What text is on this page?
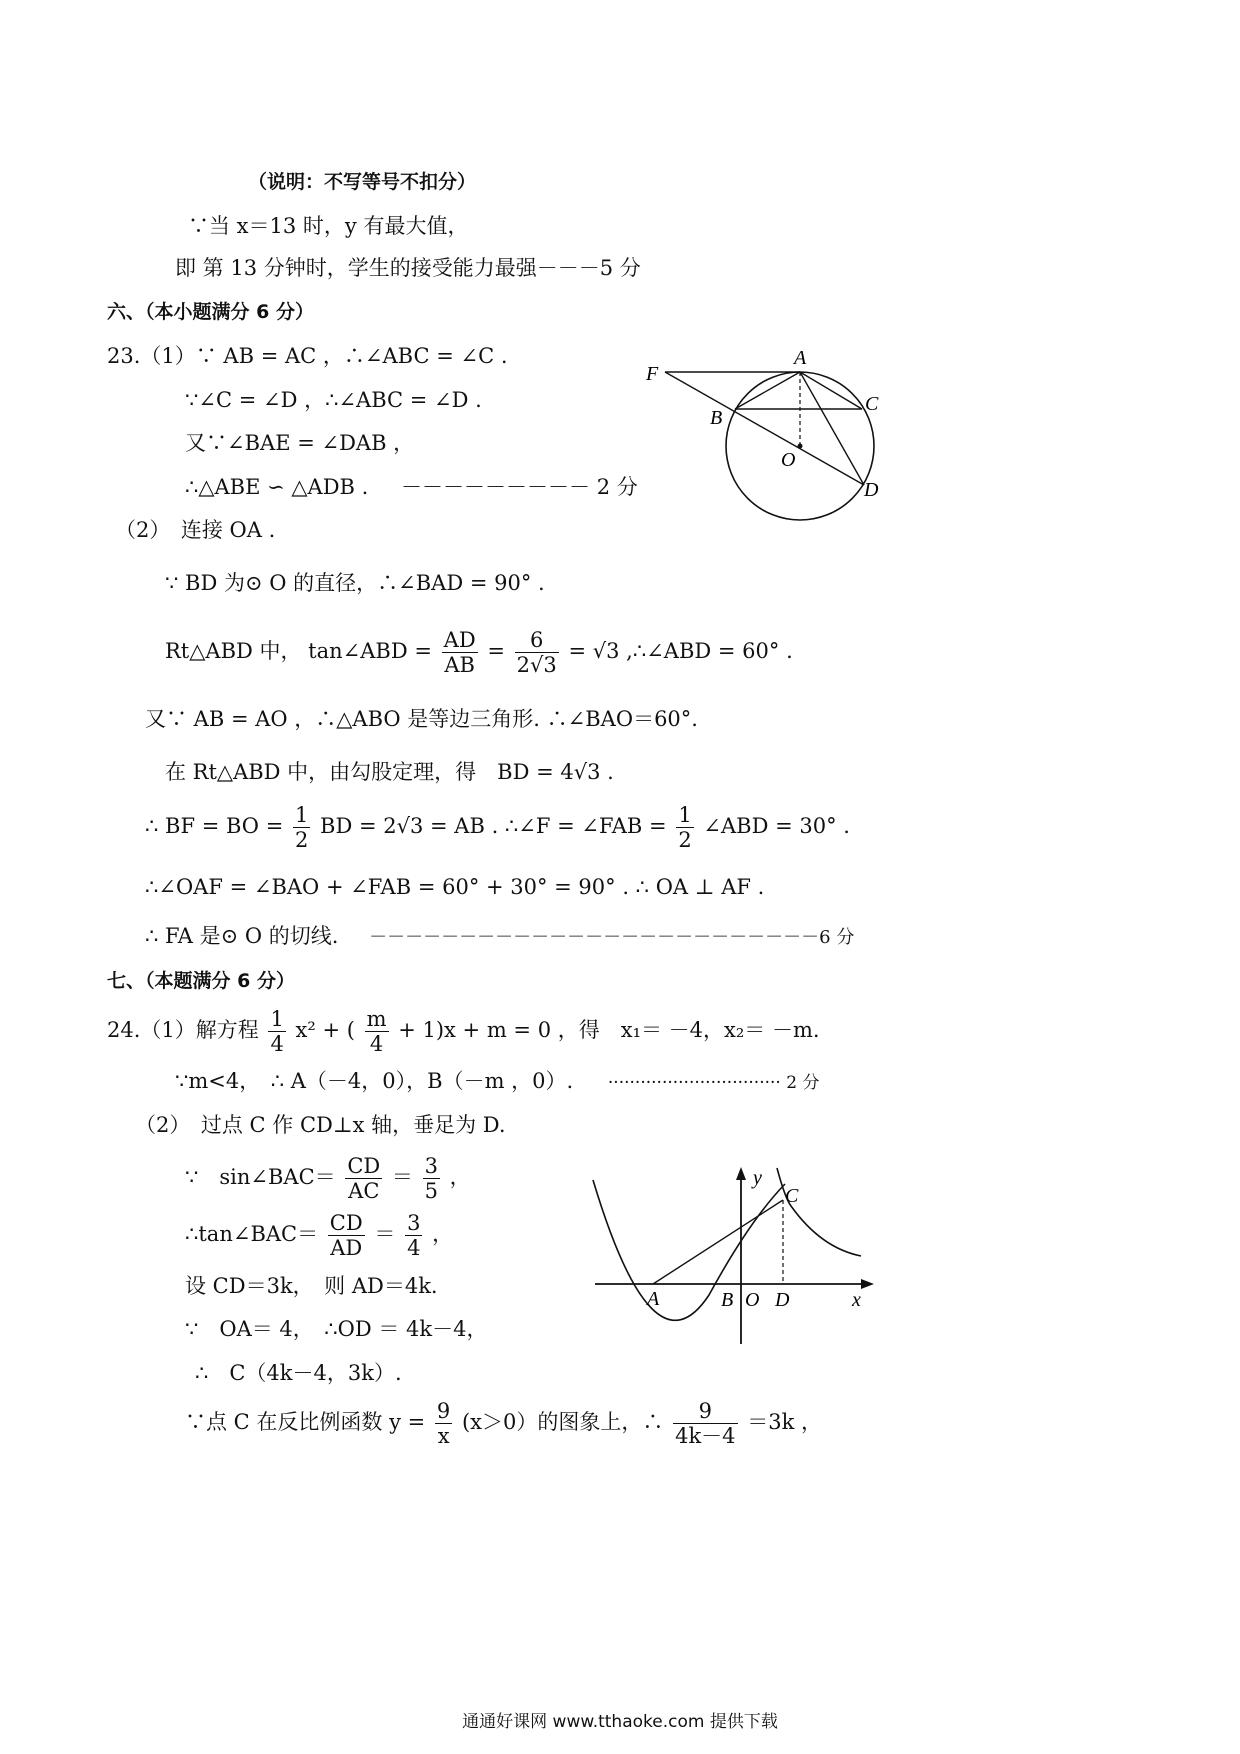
（说明：不写等号不扣分）
∵当 x＝13 时，y 有最大值，
即 第 13 分钟时，学生的接受能力最强－－－5 分
六、（本小题满分 6 分）
23.（1）∵ AB = AC ，∴∠ABC = ∠C .
∵∠C = ∠D ，∴∠ABC = ∠D .
又∵∠BAE = ∠DAB ，
∴△ABE ∽ △ADB . －－－－－－－－－ 2 分
（2）　连接 OA .
∵ BD 为⊙ O 的直径，∴∠BAD = 90° .
Rt△ABD 中， tan∠ABD = $\frac{AD}{AB} = \frac{6}{2√3} = √3$ ,∴∠ABD = 60° .
又∵ AB = AO ，∴△ABO 是等边三角形. ∴∠BAO＝60°.
在 Rt△ABD 中，由勾股定理，得　BD = 4√3 .
∴ BF = BO = $\frac{1}{2}$ BD = 2√3 = AB . ∴∠F = ∠FAB = $\frac{1}{2}$ ∠ABD = 30° .
∴∠OAF = ∠BAO + ∠FAB = 60° + 30° = 90° . ∴ OA ⊥ AF .
∴ FA 是⊙ O 的切线. －－－－－－－－－－－－－－－－－－－－－－－－－6 分
七、（本题满分 6 分）
24.（1）解方程 $\frac{1}{4} x^2$ + ( $\frac{m}{4} + 1)x + m = 0$ ，得　x₁＝ －4，x₂＝ －m.
∵m<4，　∴ A（－4，0），B（－m ，0）. ································ 2 分
（2）　过点 C 作 CD⊥x 轴，垂足为 D.
∵　sin∠BAC＝ $\frac{CD}{AC} = \frac{3}{5}$ ，
∴tan∠BAC＝ $\frac{CD}{AD} = \frac{3}{4}$ ，
设 CD＝3k，　则 AD＝4k.
∵　OA＝ 4，　∴OD ＝ 4k－4，
∴　C（4k－4，3k）.
∵点 C 在反比例函数 $y = \frac{9}{x} (x>0)$的图象上，∴ $\frac{9}{4k-4} =3k$ ，
A
F
B
C
O
D
y
C
A	B O D	x
通通好课网 www.tthaoke.com 提供下载
